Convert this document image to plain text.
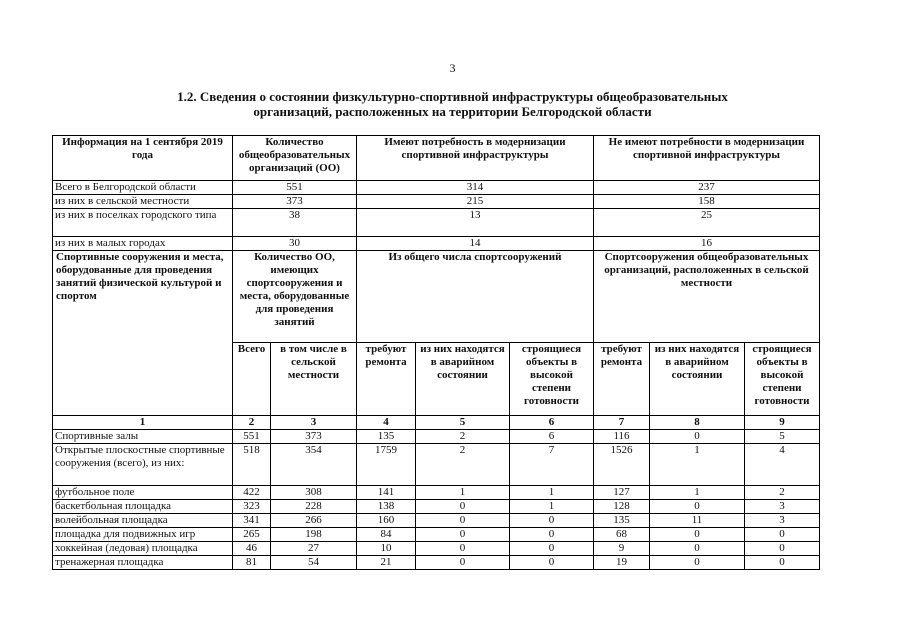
3
1.2. Сведения о состоянии физкультурно-спортивной инфраструктуры общеобразовательных
организаций, расположенных на территории Белгородской области
Информация на 1 сентября 2019 года	Количество общеобразовательных организаций (ОО)		Имеют потребность в модернизации спортивной инфраструктуры			Не имеют потребности в модернизации спортивной инфраструктуры		
Всего в Белгородской области	551		314			237		
из них в сельской местности	373		215			158		
из них в поселках городского типа	38		13			25		
из них в малых городах	30		14			16		
Спортивные сооружения и места, оборудованные для проведения занятий физической культурой и спортом	Количество ОО, имеющих спортсооружения и места, оборудованные для проведения занятий		Из общего числа спортсооружений			Спортсооружения общеобразовательных организаций, расположенных в сельской местности		
	Всего	в том числе в сельской местности	требуют ремонта	из них находятся в аварийном состоянии	строящиеся объекты в высокой степени готовности	требуют ремонта	из них находятся в аварийном состоянии	строящиеся объекты в высокой степени готовности
1	2	3	4	5	6	7	8	9
Спортивные залы	551	373	135	2	6	116	0	5
Открытые плоскостные спортивные сооружения (всего), из них:	518	354	1759	2	7	1526	1	4
футбольное поле	422	308	141	1	1	127	1	2
баскетбольная площадка	323	228	138	0	1	128	0	3
волейбольная площадка	341	266	160	0	0	135	11	3
площадка для подвижных игр	265	198	84	0	0	68	0	0
хоккейная (ледовая) площадка	46	27	10	0	0	9	0	0
тренажерная площадка	81	54	21	0	0	19	0	0
